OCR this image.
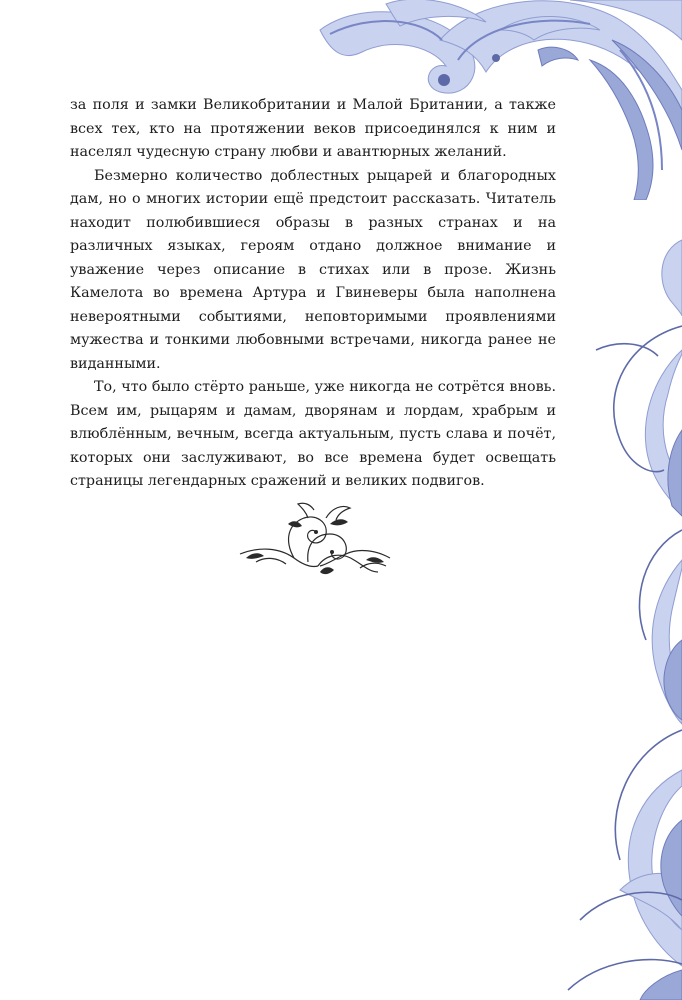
за поля и замки Великобритании и Малой Британии, а также всех тех, кто на протяжении веков присоединялся к ним и населял чудесную страну любви и авантюрных желаний.

Безмерно количество доблестных рыцарей и благородных дам, но о многих истории ещё предстоит рассказать. Читатель находит полюбившиеся образы в разных странах и на различных языках, героям отдано должное внимание и уважение через описание в стихах или в прозе. Жизнь Камелота во времена Артура и Гвиневеры была наполнена невероятными событиями, неповторимыми проявлениями мужества и тонкими любовными встречами, никогда ранее не виданными.

То, что было стёрто раньше, уже никогда не сотрётся вновь. Всем им, рыцарям и дамам, дворянам и лордам, храбрым и влюблённым, вечным, всегда актуальным, пусть слава и почёт, которых они заслуживают, во все времена будет освещать страницы легендарных сражений и великих подвигов.
